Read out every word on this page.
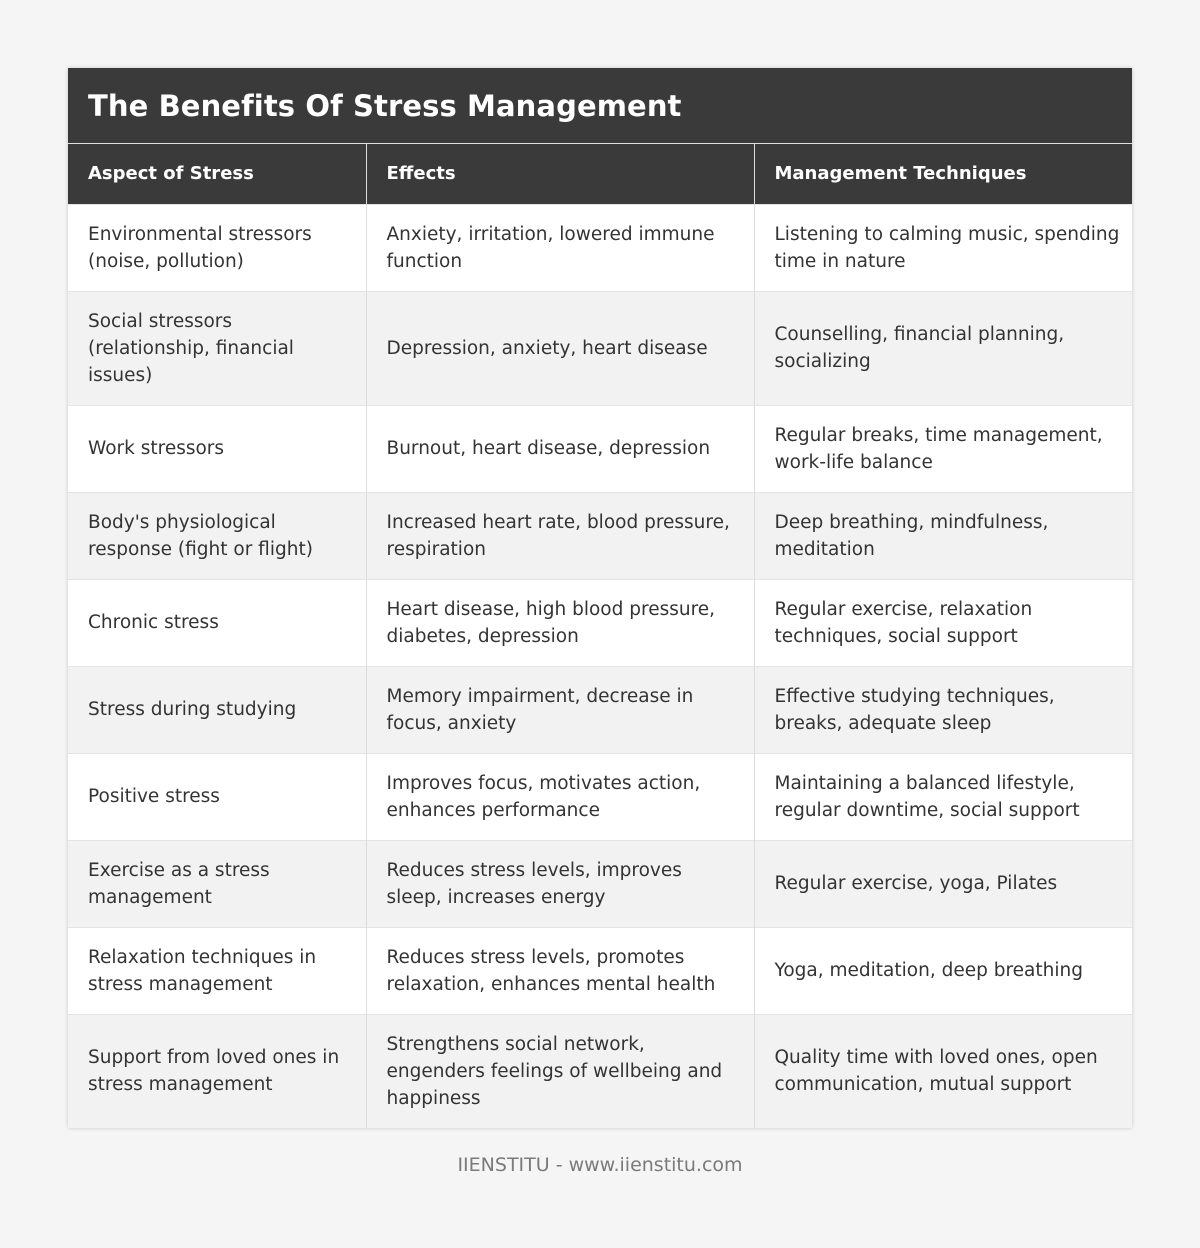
The Benefits Of Stress Management
Aspect of Stress	Effects	Management Techniques
Environmental stressors (noise, pollution)	Anxiety, irritation, lowered immune function	Listening to calming music, spending time in nature
Social stressors (relationship, financial issues)	Depression, anxiety, heart disease	Counselling, financial planning, socializing
Work stressors	Burnout, heart disease, depression	Regular breaks, time management, work-life balance
Body's physiological response (fight or flight)	Increased heart rate, blood pressure, respiration	Deep breathing, mindfulness, meditation
Chronic stress	Heart disease, high blood pressure, diabetes, depression	Regular exercise, relaxation techniques, social support
Stress during studying	Memory impairment, decrease in focus, anxiety	Effective studying techniques, breaks, adequate sleep
Positive stress	Improves focus, motivates action, enhances performance	Maintaining a balanced lifestyle, regular downtime, social support
Exercise as a stress management	Reduces stress levels, improves sleep, increases energy	Regular exercise, yoga, Pilates
Relaxation techniques in stress management	Reduces stress levels, promotes relaxation, enhances mental health	Yoga, meditation, deep breathing
Support from loved ones in stress management	Strengthens social network, engenders feelings of wellbeing and happiness	Quality time with loved ones, open communication, mutual support
IIENSTITU - www.iienstitu.com
